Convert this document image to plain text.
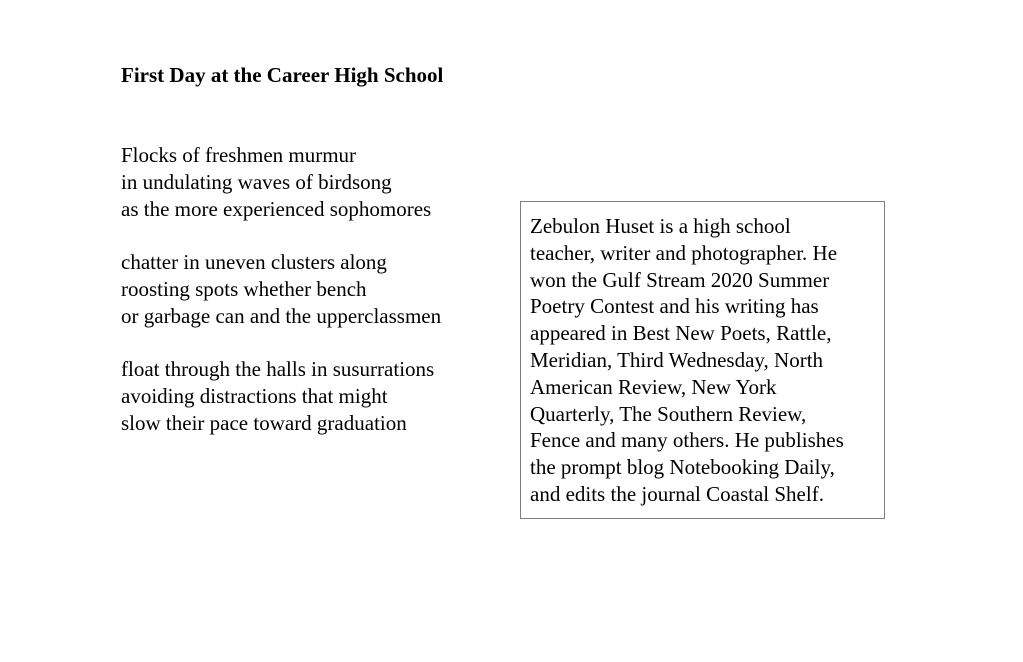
First Day at the Career High School
Flocks of freshmen murmur
in undulating waves of birdsong
as the more experienced sophomores
chatter in uneven clusters along
roosting spots whether bench
or garbage can and the upperclassmen
float through the halls in susurrations
avoiding distractions that might
slow their pace toward graduation
Zebulon Huset is a high school
teacher, writer and photographer. He
won the Gulf Stream 2020 Summer
Poetry Contest and his writing has
appeared in Best New Poets, Rattle,
Meridian, Third Wednesday, North
American Review, New York
Quarterly, The Southern Review,
Fence and many others. He publishes
the prompt blog Notebooking Daily,
and edits the journal Coastal Shelf.
